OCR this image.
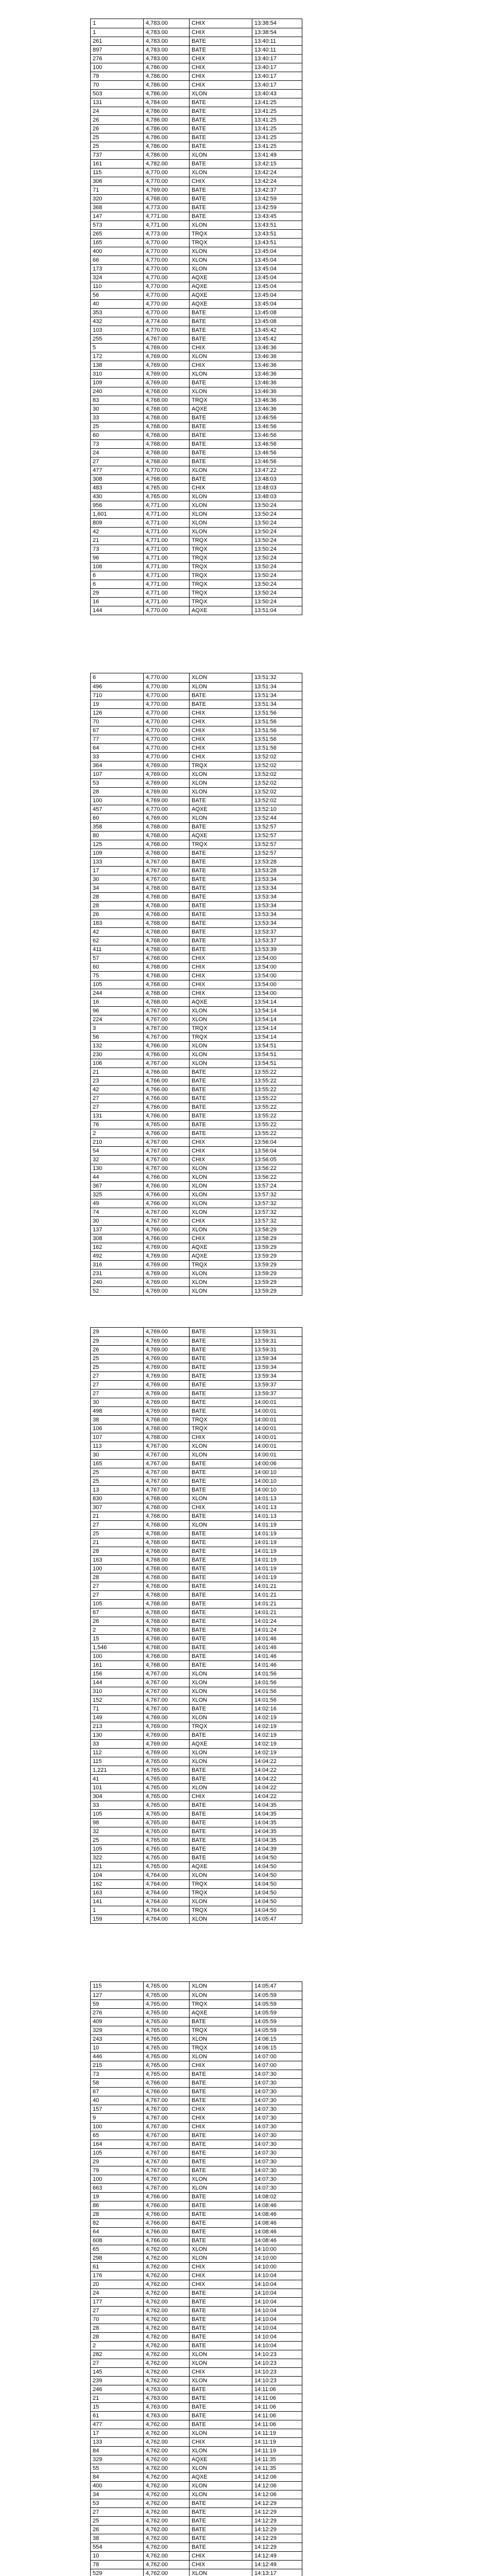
1	4,783.00	CHIX	13:38:54
1	4,783.00	CHIX	13:38:54
261	4,783.00	BATE	13:40:11
897	4,783.00	BATE	13:40:11
276	4,783.00	CHIX	13:40:17
100	4,786.00	CHIX	13:40:17
79	4,786.00	CHIX	13:40:17
70	4,786.00	CHIX	13:40:17
503	4,786.00	XLON	13:40:43
131	4,784.00	BATE	13:41:25
24	4,786.00	BATE	13:41:25
26	4,786.00	BATE	13:41:25
26	4,786.00	BATE	13:41:25
25	4,786.00	BATE	13:41:25
25	4,786.00	BATE	13:41:25
737	4,786.00	XLON	13:41:49
161	4,782.00	BATE	13:42:15
115	4,770.00	XLON	13:42:24
306	4,770.00	CHIX	13:42:24
71	4,769.00	BATE	13:42:37
320	4,768.00	BATE	13:42:59
368	4,773.00	BATE	13:42:59
147	4,771.00	BATE	13:43:45
573	4,771.00	XLON	13:43:51
265	4,773.00	TRQX	13:43:51
165	4,770.00	TRQX	13:43:51
400	4,770.00	XLON	13:45:04
66	4,770.00	XLON	13:45:04
173	4,770.00	XLON	13:45:04
324	4,770.00	AQXE	13:45:04
110	4,770.00	AQXE	13:45:04
56	4,770.00	AQXE	13:45:04
40	4,770.00	AQXE	13:45:04
353	4,770.00	BATE	13:45:08
432	4,774.00	BATE	13:45:08
103	4,770.00	BATE	13:45:42
255	4,767.00	BATE	13:45:42
5	4,769.00	CHIX	13:46:36
172	4,769.00	XLON	13:46:36
138	4,769.00	CHIX	13:46:36
310	4,769.00	XLON	13:46:36
109	4,769.00	BATE	13:46:36
240	4,768.00	XLON	13:46:36
83	4,768.00	TRQX	13:46:36
30	4,768.00	AQXE	13:46:36
33	4,768.00	BATE	13:46:56
25	4,768.00	BATE	13:46:56
60	4,768.00	BATE	13:46:56
73	4,768.00	BATE	13:46:56
24	4,768.00	BATE	13:46:56
27	4,768.00	BATE	13:46:56
477	4,770.00	XLON	13:47:22
308	4,768.00	BATE	13:48:03
483	4,765.00	CHIX	13:48:03
430	4,765.00	XLON	13:48:03
956	4,771.00	XLON	13:50:24
1,601	4,771.00	XLON	13:50:24
809	4,771.00	XLON	13:50:24
42	4,771.00	XLON	13:50:24
21	4,771.00	TRQX	13:50:24
73	4,771.00	TRQX	13:50:24
96	4,771.00	TRQX	13:50:24
108	4,771.00	TRQX	13:50:24
6	4,771.00	TRQX	13:50:24
6	4,771.00	TRQX	13:50:24
29	4,771.00	TRQX	13:50:24
16	4,771.00	TRQX	13:50:24
144	4,770.00	AQXE	13:51:04
6	4,770.00	XLON	13:51:32
496	4,770.00	XLON	13:51:34
710	4,770.00	BATE	13:51:34
19	4,770.00	BATE	13:51:34
126	4,770.00	CHIX	13:51:56
70	4,770.00	CHIX	13:51:56
67	4,770.00	CHIX	13:51:56
77	4,770.00	CHIX	13:51:56
64	4,770.00	CHIX	13:51:56
33	4,770.00	CHIX	13:52:02
364	4,769.00	TRQX	13:52:02
107	4,769.00	XLON	13:52:02
53	4,769.00	XLON	13:52:02
28	4,769.00	XLON	13:52:02
100	4,769.00	BATE	13:52:02
457	4,770.00	AQXE	13:52:10
60	4,769.00	XLON	13:52:44
358	4,768.00	BATE	13:52:57
80	4,768.00	AQXE	13:52:57
125	4,768.00	TRQX	13:52:57
109	4,768.00	BATE	13:52:57
133	4,767.00	BATE	13:53:28
17	4,767.00	BATE	13:53:28
30	4,767.00	BATE	13:53:34
34	4,768.00	BATE	13:53:34
28	4,768.00	BATE	13:53:34
28	4,768.00	BATE	13:53:34
26	4,768.00	BATE	13:53:34
183	4,768.00	BATE	13:53:34
42	4,768.00	BATE	13:53:37
62	4,768.00	BATE	13:53:37
411	4,768.00	BATE	13:53:39
57	4,768.00	CHIX	13:54:00
60	4,768.00	CHIX	13:54:00
75	4,768.00	CHIX	13:54:00
105	4,768.00	CHIX	13:54:00
244	4,768.00	CHIX	13:54:00
16	4,768.00	AQXE	13:54:14
96	4,767.00	XLON	13:54:14
224	4,767.00	XLON	13:54:14
3	4,767.00	TRQX	13:54:14
56	4,767.00	TRQX	13:54:14
132	4,766.00	XLON	13:54:51
230	4,766.00	XLON	13:54:51
106	4,767.00	XLON	13:54:51
21	4,766.00	BATE	13:55:22
23	4,766.00	BATE	13:55:22
42	4,766.00	BATE	13:55:22
27	4,766.00	BATE	13:55:22
27	4,766.00	BATE	13:55:22
131	4,766.00	BATE	13:55:22
76	4,765.00	BATE	13:55:22
2	4,766.00	BATE	13:55:22
210	4,767.00	CHIX	13:56:04
54	4,767.00	CHIX	13:56:04
32	4,767.00	CHIX	13:56:05
130	4,767.00	XLON	13:56:22
44	4,766.00	XLON	13:56:22
367	4,766.00	XLON	13:57:24
325	4,766.00	XLON	13:57:32
49	4,766.00	XLON	13:57:32
74	4,767.00	XLON	13:57:32
30	4,767.00	CHIX	13:57:32
137	4,766.00	XLON	13:58:29
308	4,766.00	CHIX	13:58:29
162	4,769.00	AQXE	13:59:29
492	4,769.00	AQXE	13:59:29
316	4,769.00	TRQX	13:59:29
231	4,769.00	XLON	13:59:29
240	4,769.00	XLON	13:59:29
52	4,769.00	XLON	13:59:29
29	4,769.00	BATE	13:59:31
29	4,769.00	BATE	13:59:31
26	4,769.00	BATE	13:59:31
25	4,769.00	BATE	13:59:34
25	4,769.00	BATE	13:59:34
27	4,769.00	BATE	13:59:34
27	4,769.00	BATE	13:59:37
27	4,769.00	BATE	13:59:37
30	4,769.00	BATE	14:00:01
498	4,769.00	BATE	14:00:01
38	4,768.00	TRQX	14:00:01
106	4,768.00	TRQX	14:00:01
107	4,768.00	CHIX	14:00:01
113	4,767.00	XLON	14:00:01
30	4,767.00	XLON	14:00:01
165	4,767.00	BATE	14:00:06
25	4,767.00	BATE	14:00:10
25	4,767.00	BATE	14:00:10
13	4,767.00	BATE	14:00:10
830	4,768.00	XLON	14:01:13
307	4,768.00	CHIX	14:01:13
21	4,768.00	BATE	14:01:13
27	4,768.00	XLON	14:01:19
25	4,768.00	BATE	14:01:19
21	4,768.00	BATE	14:01:19
28	4,768.00	BATE	14:01:19
163	4,768.00	BATE	14:01:19
100	4,768.00	BATE	14:01:19
28	4,768.00	BATE	14:01:19
27	4,768.00	BATE	14:01:21
27	4,768.00	BATE	14:01:21
105	4,768.00	BATE	14:01:21
67	4,768.00	BATE	14:01:21
26	4,768.00	BATE	14:01:24
2	4,768.00	BATE	14:01:24
15	4,768.00	BATE	14:01:46
1,546	4,768.00	BATE	14:01:46
100	4,768.00	BATE	14:01:46
161	4,768.00	BATE	14:01:46
156	4,767.00	XLON	14:01:56
144	4,767.00	XLON	14:01:56
310	4,767.00	XLON	14:01:56
152	4,767.00	XLON	14:01:56
71	4,767.00	BATE	14:02:16
149	4,769.00	XLON	14:02:19
213	4,769.00	TRQX	14:02:19
130	4,769.00	BATE	14:02:19
33	4,769.00	AQXE	14:02:19
112	4,769.00	XLON	14:02:19
115	4,765.00	XLON	14:04:22
1,221	4,765.00	BATE	14:04:22
41	4,765.00	BATE	14:04:22
101	4,765.00	XLON	14:04:22
304	4,765.00	CHIX	14:04:22
33	4,765.00	BATE	14:04:35
105	4,765.00	BATE	14:04:35
98	4,765.00	BATE	14:04:35
32	4,765.00	BATE	14:04:35
25	4,765.00	BATE	14:04:35
105	4,765.00	BATE	14:04:39
322	4,765.00	BATE	14:04:50
121	4,765.00	AQXE	14:04:50
104	4,764.00	XLON	14:04:50
162	4,764.00	TRQX	14:04:50
163	4,764.00	TRQX	14:04:50
141	4,764.00	XLON	14:04:50
1	4,764.00	TRQX	14:04:50
159	4,764.00	XLON	14:05:47
115	4,765.00	XLON	14:05:47
127	4,765.00	XLON	14:05:59
59	4,765.00	TRQX	14:05:59
276	4,765.00	AQXE	14:05:59
409	4,765.00	BATE	14:05:59
329	4,765.00	TRQX	14:05:59
243	4,765.00	XLON	14:06:15
10	4,765.00	TRQX	14:06:15
446	4,765.00	XLON	14:07:00
215	4,765.00	CHIX	14:07:00
73	4,765.00	BATE	14:07:30
58	4,766.00	BATE	14:07:30
67	4,766.00	BATE	14:07:30
40	4,767.00	BATE	14:07:30
157	4,767.00	CHIX	14:07:30
9	4,767.00	CHIX	14:07:30
100	4,767.00	CHIX	14:07:30
65	4,767.00	BATE	14:07:30
164	4,767.00	BATE	14:07:30
105	4,767.00	BATE	14:07:30
29	4,767.00	BATE	14:07:30
79	4,767.00	BATE	14:07:30
100	4,767.00	XLON	14:07:30
663	4,767.00	XLON	14:07:30
19	4,766.00	BATE	14:08:02
86	4,766.00	BATE	14:08:46
28	4,766.00	BATE	14:08:46
82	4,766.00	BATE	14:08:46
64	4,766.00	BATE	14:08:46
608	4,766.00	BATE	14:08:46
65	4,762.00	XLON	14:10:00
298	4,762.00	XLON	14:10:00
61	4,762.00	CHIX	14:10:00
176	4,762.00	CHIX	14:10:04
20	4,762.00	CHIX	14:10:04
24	4,762.00	BATE	14:10:04
177	4,762.00	BATE	14:10:04
27	4,762.00	BATE	14:10:04
70	4,762.00	BATE	14:10:04
28	4,762.00	BATE	14:10:04
28	4,762.00	BATE	14:10:04
2	4,762.00	BATE	14:10:04
282	4,762.00	XLON	14:10:23
27	4,762.00	XLON	14:10:23
145	4,762.00	CHIX	14:10:23
239	4,762.00	XLON	14:10:23
246	4,763.00	BATE	14:11:06
21	4,763.00	BATE	14:11:06
15	4,763.00	BATE	14:11:06
61	4,763.00	BATE	14:11:06
477	4,762.00	BATE	14:11:06
17	4,762.00	XLON	14:11:19
133	4,762.00	CHIX	14:11:19
84	4,762.00	XLON	14:11:19
329	4,762.00	AQXE	14:11:35
55	4,762.00	XLON	14:11:35
84	4,762.00	AQXE	14:12:06
400	4,762.00	XLON	14:12:06
34	4,762.00	XLON	14:12:06
53	4,762.00	BATE	14:12:29
27	4,762.00	BATE	14:12:29
25	4,762.00	BATE	14:12:29
26	4,762.00	BATE	14:12:29
38	4,762.00	BATE	14:12:29
554	4,762.00	BATE	14:12:29
10	4,762.00	CHIX	14:12:49
78	4,762.00	CHIX	14:12:49
529	4,762.00	XLON	14:13:17
